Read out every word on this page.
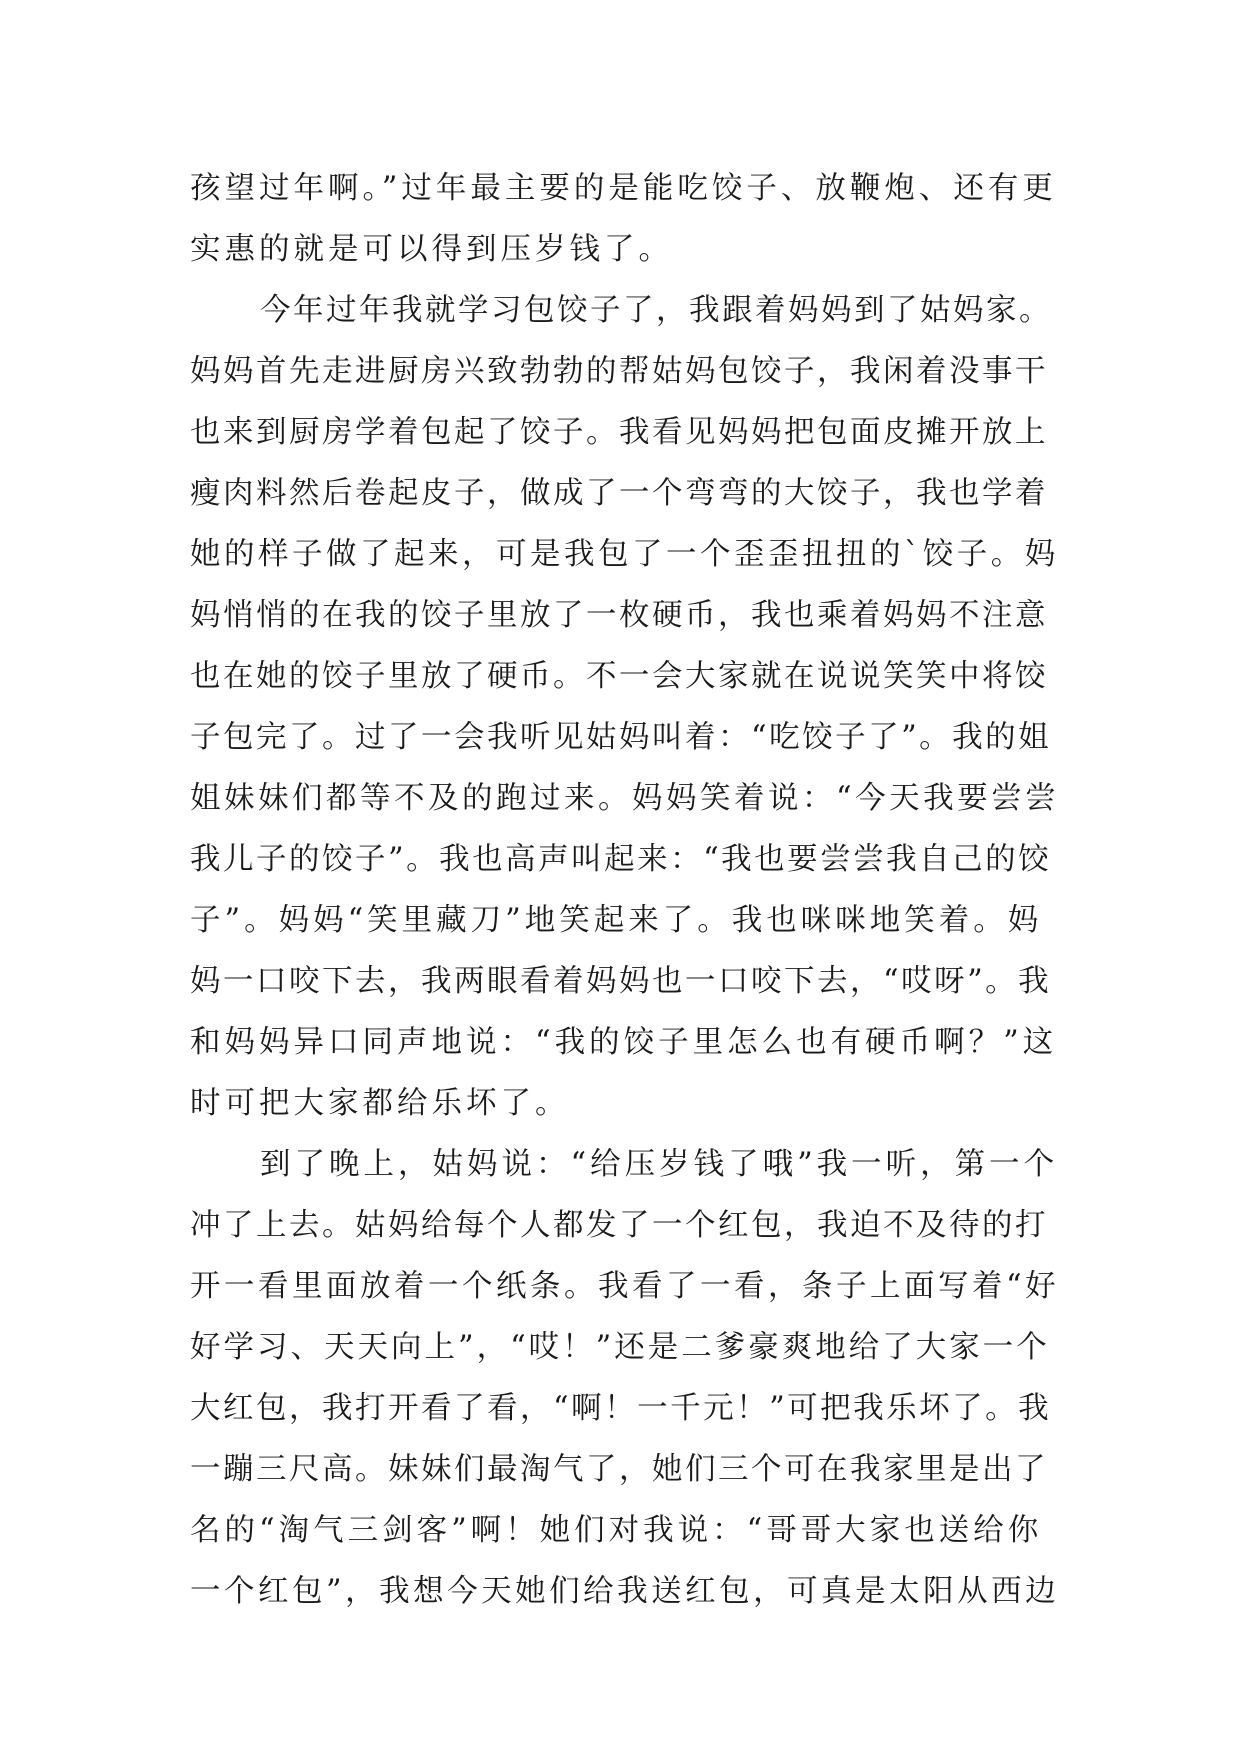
孩望过年啊。”过年最主要的是能吃饺子、放鞭炮、还有更
实惠的就是可以得到压岁钱了。
今年过年我就学习包饺子了，我跟着妈妈到了姑妈家。
妈妈首先走进厨房兴致勃勃的帮姑妈包饺子，我闲着没事干
也来到厨房学着包起了饺子。我看见妈妈把包面皮摊开放上
瘦肉料然后卷起皮子，做成了一个弯弯的大饺子，我也学着
她的样子做了起来，可是我包了一个歪歪扭扭的`饺子。妈
妈悄悄的在我的饺子里放了一枚硬币，我也乘着妈妈不注意
也在她的饺子里放了硬币。不一会大家就在说说笑笑中将饺
子包完了。过了一会我听见姑妈叫着：“吃饺子了”。我的姐
姐妹妹们都等不及的跑过来。妈妈笑着说：“今天我要尝尝
我儿子的饺子”。我也高声叫起来：“我也要尝尝我自己的饺
子”。妈妈“笑里藏刀”地笑起来了。我也咪咪地笑着。妈
妈一口咬下去，我两眼看着妈妈也一口咬下去，“哎呀”。我
和妈妈异口同声地说：“我的饺子里怎么也有硬币啊？”这
时可把大家都给乐坏了。
到了晚上，姑妈说：“给压岁钱了哦”我一听，第一个
冲了上去。姑妈给每个人都发了一个红包，我迫不及待的打
开一看里面放着一个纸条。我看了一看，条子上面写着“好
好学习、天天向上”，“哎！”还是二爹豪爽地给了大家一个
大红包，我打开看了看，“啊！一千元！”可把我乐坏了。我
一蹦三尺高。妹妹们最淘气了，她们三个可在我家里是出了
名的“淘气三剑客”啊！她们对我说：“哥哥大家也送给你
一个红包”，我想今天她们给我送红包，可真是太阳从西边
